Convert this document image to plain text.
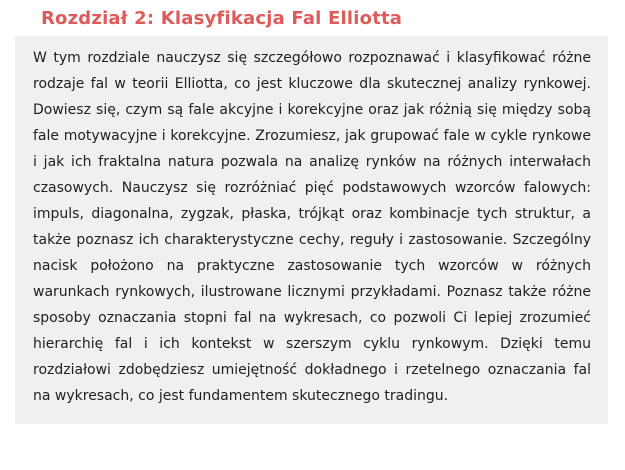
Rozdział 2: Klasyfikacja Fal Elliotta

W tym rozdziale nauczysz się szczegółowo rozpoznawać i klasyfikować różne rodzaje fal w teorii Elliotta, co jest kluczowe dla skutecznej analizy rynkowej. Dowiesz się, czym są fale akcyjne i korekcyjne oraz jak różnią się między sobą fale motywacyjne i korekcyjne. Zrozumiesz, jak grupować fale w cykle rynkowe i jak ich fraktalna natura pozwala na analizę rynków na różnych interwałach czasowych. Nauczysz się rozróżniać pięć podstawowych wzorców falowych: impuls, diagonalna, zygzak, płaska, trójkąt oraz kombinacje tych struktur, a także poznasz ich charakterystyczne cechy, reguły i zastosowanie. Szczególny nacisk położono na praktyczne zastosowanie tych wzorców w różnych warunkach rynkowych, ilustrowane licznymi przykładami. Poznasz także różne sposoby oznaczania stopni fal na wykresach, co pozwoli Ci lepiej zrozumieć hierarchię fal i ich kontekst w szerszym cyklu rynkowym. Dzięki temu rozdziałowi zdobędziesz umiejętność dokładnego i rzetelnego oznaczania fal na wykresach, co jest fundamentem skutecznego tradingu.
